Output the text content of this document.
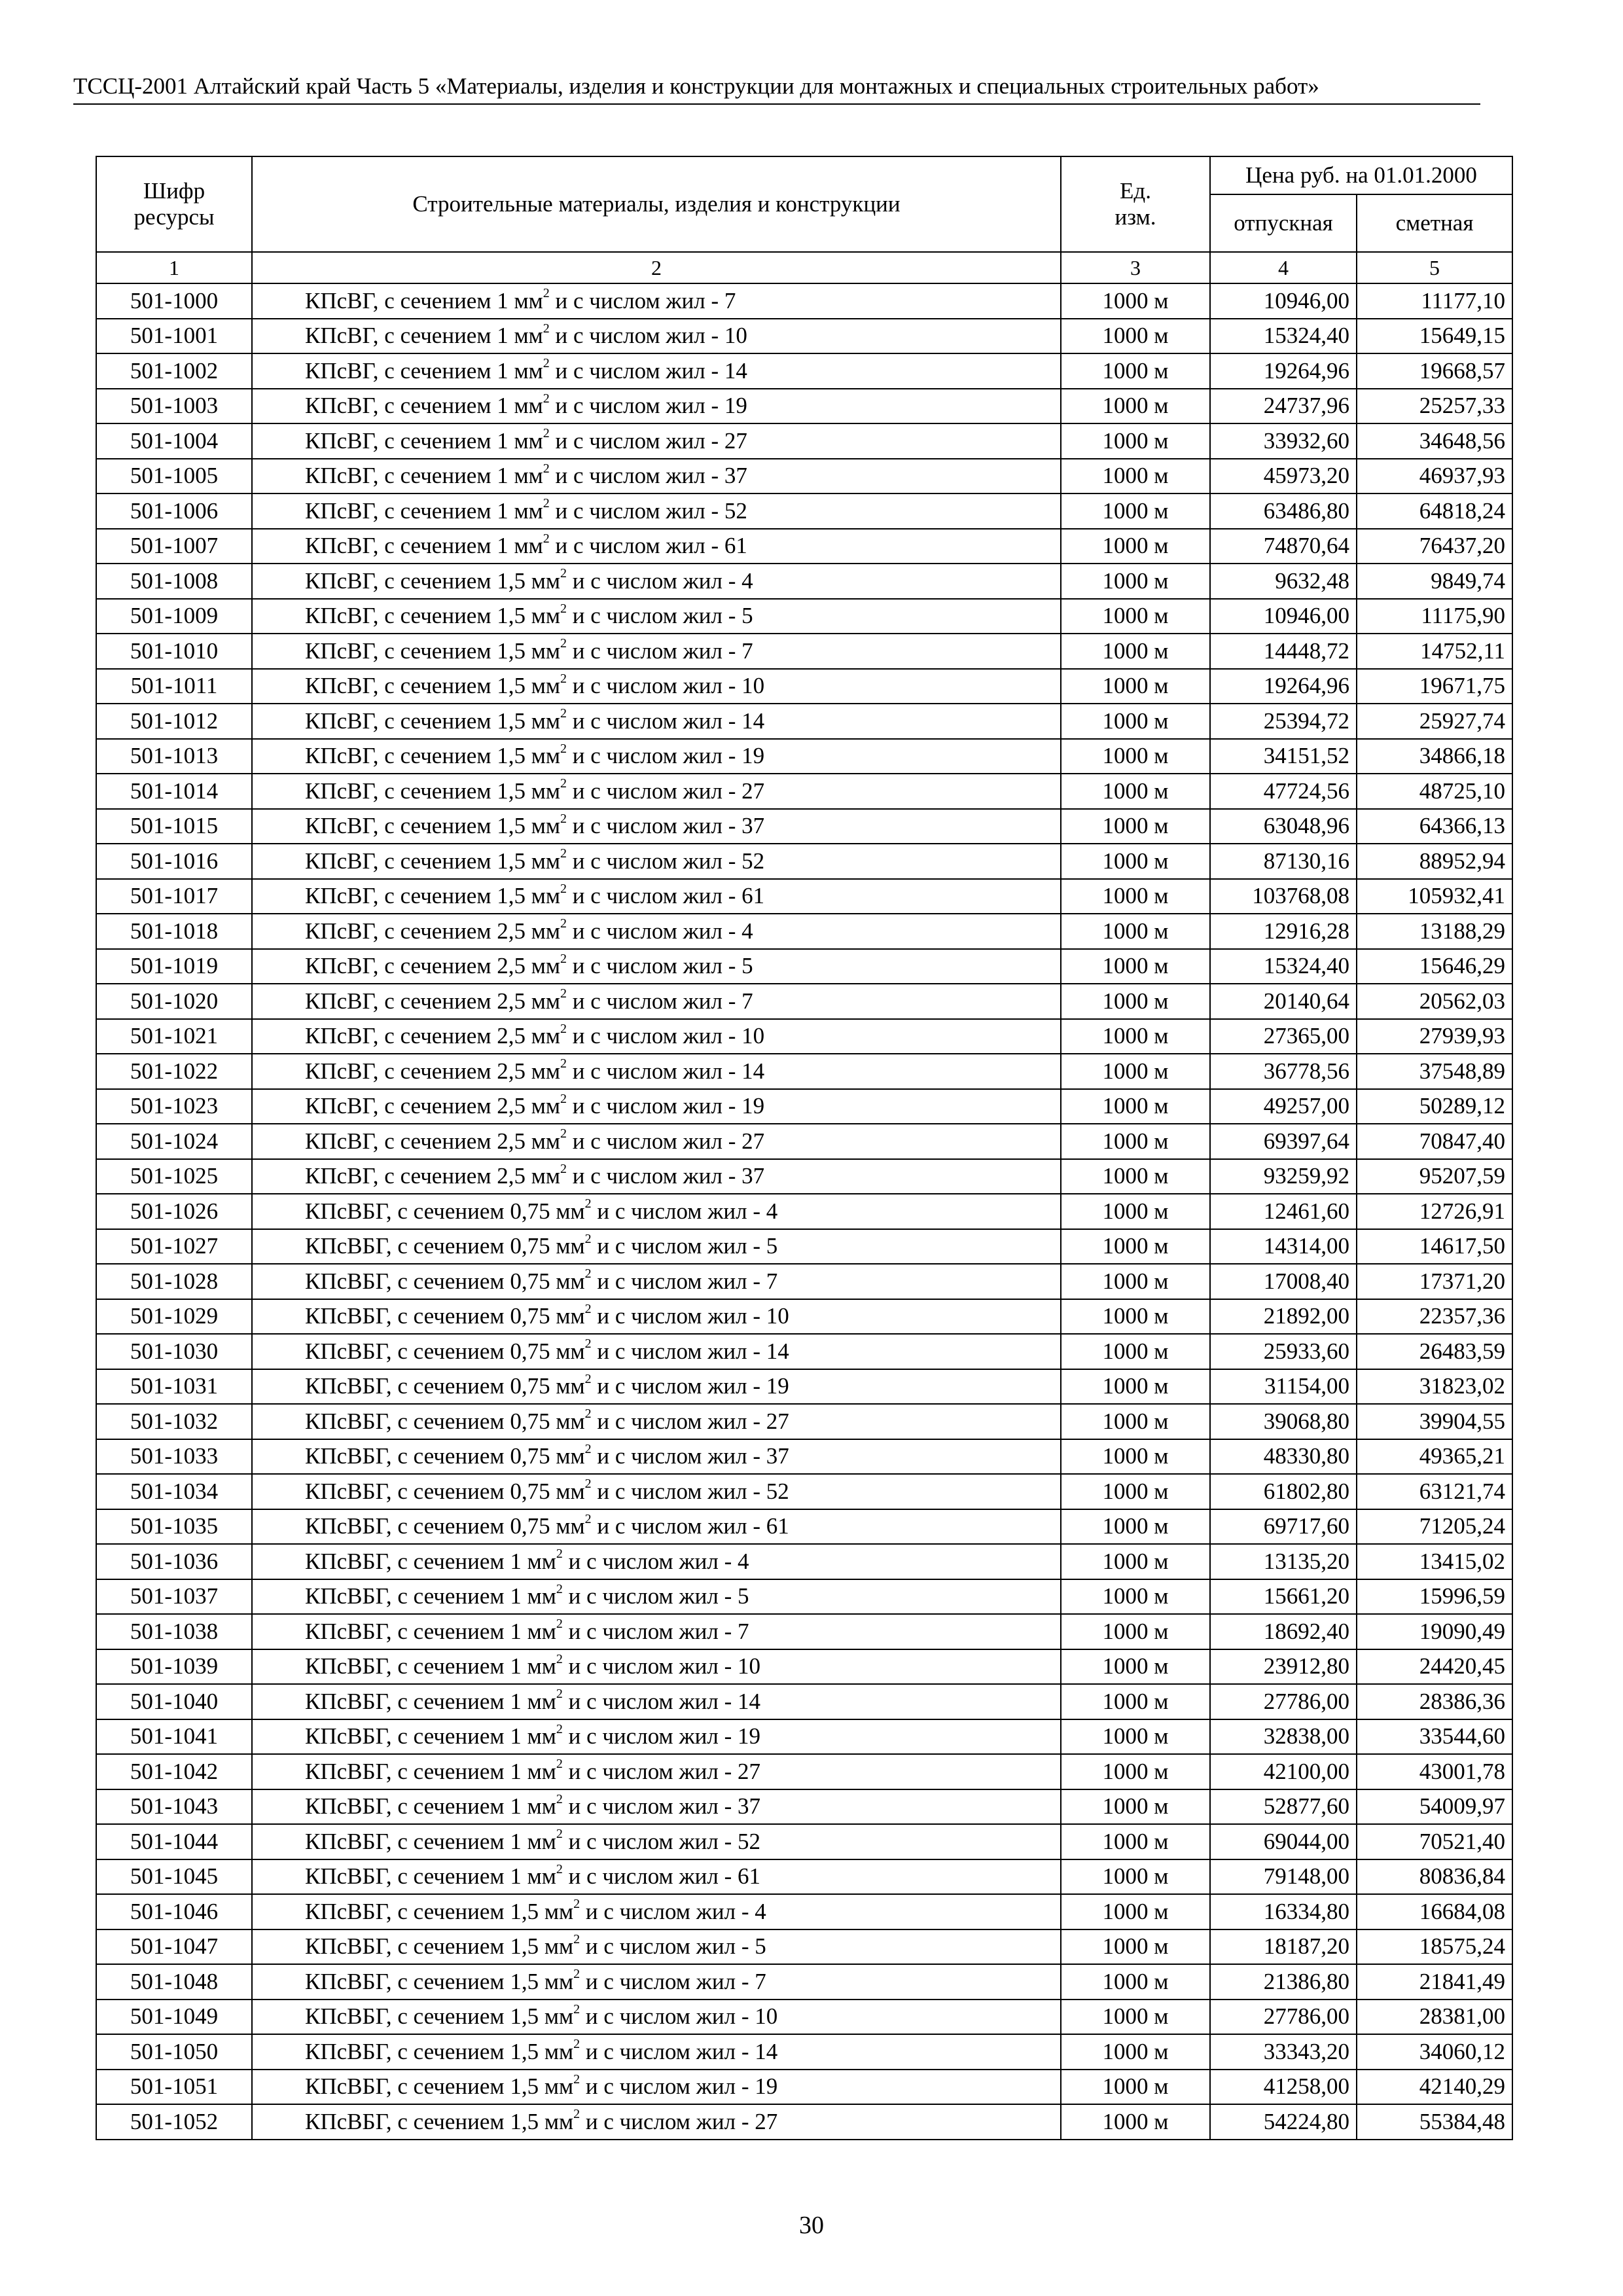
ТССЦ-2001 Алтайский край Часть 5 «Материалы, изделия и конструкции для монтажных и специальных строительных работ»
Шифр ресурсы	Строительные материалы, изделия и конструкции	Ед. изм.	Цена руб. на 01.01.2000	
			отпускная	сметная
1	2	3	4	5
501-1000	КПсВГ, с сечением 1 $мм^2$ и с числом жил - 7	1000 м	10946,00	11177,10
501-1001	КПсВГ, с сечением 1 $мм^2$ и с числом жил - 10	1000 м	15324,40	15649,15
501-1002	КПсВГ, с сечением 1 $мм^2$ и с числом жил - 14	1000 м	19264,96	19668,57
501-1003	КПсВГ, с сечением 1 $мм^2$ и с числом жил - 19	1000 м	24737,96	25257,33
501-1004	КПсВГ, с сечением 1 $мм^2$ и с числом жил - 27	1000 м	33932,60	34648,56
501-1005	КПсВГ, с сечением 1 $мм^2$ и с числом жил - 37	1000 м	45973,20	46937,93
501-1006	КПсВГ, с сечением 1 $мм^2$ и с числом жил - 52	1000 м	63486,80	64818,24
501-1007	КПсВГ, с сечением 1 $мм^2$ и с числом жил - 61	1000 м	74870,64	76437,20
501-1008	КПсВГ, с сечением 1,5 $мм^2$ и с числом жил - 4	1000 м	9632,48	9849,74
501-1009	КПсВГ, с сечением 1,5 $мм^2$ и с числом жил - 5	1000 м	10946,00	11175,90
501-1010	КПсВГ, с сечением 1,5 $мм^2$ и с числом жил - 7	1000 м	14448,72	14752,11
501-1011	КПсВГ, с сечением 1,5 $мм^2$ и с числом жил - 10	1000 м	19264,96	19671,75
501-1012	КПсВГ, с сечением 1,5 $мм^2$ и с числом жил - 14	1000 м	25394,72	25927,74
501-1013	КПсВГ, с сечением 1,5 $мм^2$ и с числом жил - 19	1000 м	34151,52	34866,18
501-1014	КПсВГ, с сечением 1,5 $мм^2$ и с числом жил - 27	1000 м	47724,56	48725,10
501-1015	КПсВГ, с сечением 1,5 $мм^2$ и с числом жил - 37	1000 м	63048,96	64366,13
501-1016	КПсВГ, с сечением 1,5 $мм^2$ и с числом жил - 52	1000 м	87130,16	88952,94
501-1017	КПсВГ, с сечением 1,5 $мм^2$ и с числом жил - 61	1000 м	103768,08	105932,41
501-1018	КПсВГ, с сечением 2,5 $мм^2$ и с числом жил - 4	1000 м	12916,28	13188,29
501-1019	КПсВГ, с сечением 2,5 $мм^2$ и с числом жил - 5	1000 м	15324,40	15646,29
501-1020	КПсВГ, с сечением 2,5 $мм^2$ и с числом жил - 7	1000 м	20140,64	20562,03
501-1021	КПсВГ, с сечением 2,5 $мм^2$ и с числом жил - 10	1000 м	27365,00	27939,93
501-1022	КПсВГ, с сечением 2,5 $мм^2$ и с числом жил - 14	1000 м	36778,56	37548,89
501-1023	КПсВГ, с сечением 2,5 $мм^2$ и с числом жил - 19	1000 м	49257,00	50289,12
501-1024	КПсВГ, с сечением 2,5 $мм^2$ и с числом жил - 27	1000 м	69397,64	70847,40
501-1025	КПсВГ, с сечением 2,5 $мм^2$ и с числом жил - 37	1000 м	93259,92	95207,59
501-1026	КПсВБГ, с сечением 0,75 $мм^2$ и с числом жил - 4	1000 м	12461,60	12726,91
501-1027	КПсВБГ, с сечением 0,75 $мм^2$ и с числом жил - 5	1000 м	14314,00	14617,50
501-1028	КПсВБГ, с сечением 0,75 $мм^2$ и с числом жил - 7	1000 м	17008,40	17371,20
501-1029	КПсВБГ, с сечением 0,75 $мм^2$ и с числом жил - 10	1000 м	21892,00	22357,36
501-1030	КПсВБГ, с сечением 0,75 $мм^2$ и с числом жил - 14	1000 м	25933,60	26483,59
501-1031	КПсВБГ, с сечением 0,75 $мм^2$ и с числом жил - 19	1000 м	31154,00	31823,02
501-1032	КПсВБГ, с сечением 0,75 $мм^2$ и с числом жил - 27	1000 м	39068,80	39904,55
501-1033	КПсВБГ, с сечением 0,75 $мм^2$ и с числом жил - 37	1000 м	48330,80	49365,21
501-1034	КПсВБГ, с сечением 0,75 $мм^2$ и с числом жил - 52	1000 м	61802,80	63121,74
501-1035	КПсВБГ, с сечением 0,75 $мм^2$ и с числом жил - 61	1000 м	69717,60	71205,24
501-1036	КПсВБГ, с сечением 1 $мм^2$ и с числом жил - 4	1000 м	13135,20	13415,02
501-1037	КПсВБГ, с сечением 1 $мм^2$ и с числом жил - 5	1000 м	15661,20	15996,59
501-1038	КПсВБГ, с сечением 1 $мм^2$ и с числом жил - 7	1000 м	18692,40	19090,49
501-1039	КПсВБГ, с сечением 1 $мм^2$ и с числом жил - 10	1000 м	23912,80	24420,45
501-1040	КПсВБГ, с сечением 1 $мм^2$ и с числом жил - 14	1000 м	27786,00	28386,36
501-1041	КПсВБГ, с сечением 1 $мм^2$ и с числом жил - 19	1000 м	32838,00	33544,60
501-1042	КПсВБГ, с сечением 1 $мм^2$ и с числом жил - 27	1000 м	42100,00	43001,78
501-1043	КПсВБГ, с сечением 1 $мм^2$ и с числом жил - 37	1000 м	52877,60	54009,97
501-1044	КПсВБГ, с сечением 1 $мм^2$ и с числом жил - 52	1000 м	69044,00	70521,40
501-1045	КПсВБГ, с сечением 1 $мм^2$ и с числом жил - 61	1000 м	79148,00	80836,84
501-1046	КПсВБГ, с сечением 1,5 $мм^2$ и с числом жил - 4	1000 м	16334,80	16684,08
501-1047	КПсВБГ, с сечением 1,5 $мм^2$ и с числом жил - 5	1000 м	18187,20	18575,24
501-1048	КПсВБГ, с сечением 1,5 $мм^2$ и с числом жил - 7	1000 м	21386,80	21841,49
501-1049	КПсВБГ, с сечением 1,5 $мм^2$ и с числом жил - 10	1000 м	27786,00	28381,00
501-1050	КПсВБГ, с сечением 1,5 $мм^2$ и с числом жил - 14	1000 м	33343,20	34060,12
501-1051	КПсВБГ, с сечением 1,5 $мм^2$ и с числом жил - 19	1000 м	41258,00	42140,29
501-1052	КПсВБГ, с сечением 1,5 $мм^2$ и с числом жил - 27	1000 м	54224,80	55384,48
30
